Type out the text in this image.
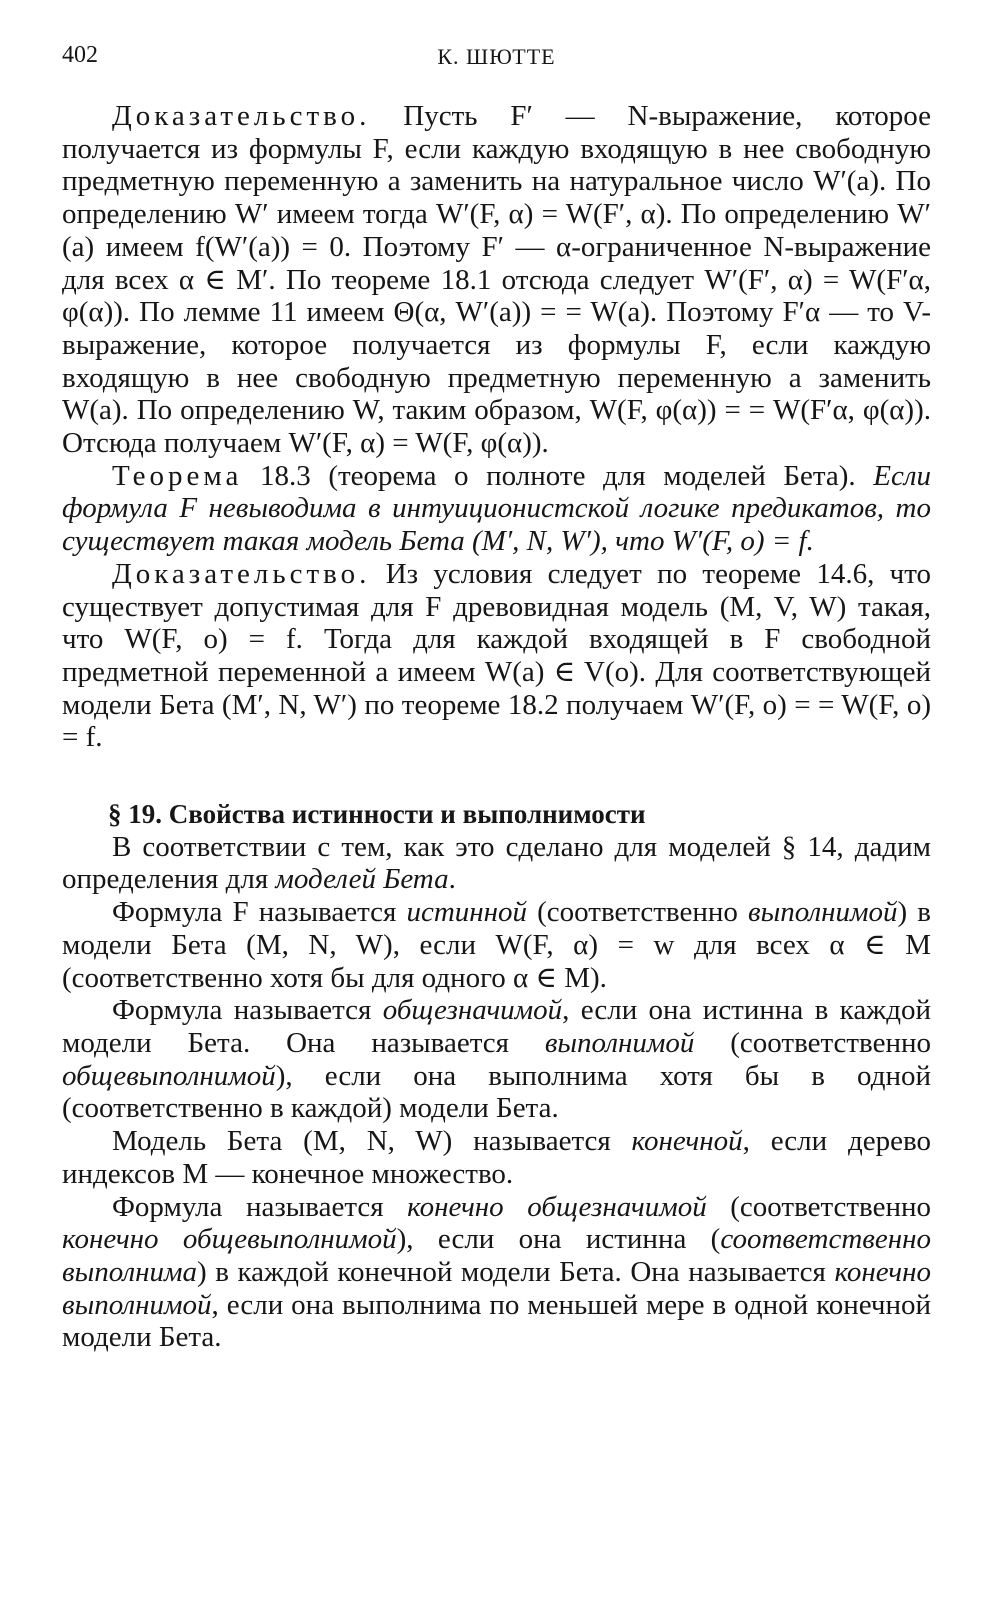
402	К. ШЮТТЕ

Доказательство. Пусть F′ — N-выражение, которое получается из формулы F, если каждую входящую в нее свободную предметную переменную a заменить на натуральное число W′(a). По определению W′ имеем тогда W′(F, α) = W(F′, α). По определению W′(a) имеем f(W′(a)) = 0. Поэтому F′ — α-ограниченное N-выражение для всех α ∈ M′. По теореме 18.1 отсюда следует W′(F′, α) = W(F′α, φ(α)). По лемме 11 имеем Θ(α, W′(a)) = = W(a). Поэтому F′α — то V-выражение, которое получается из формулы F, если каждую входящую в нее свободную предметную переменную a заменить W(a). По определению W, таким образом, W(F, φ(α)) = = W(F′α, φ(α)). Отсюда получаем W′(F, α) = W(F, φ(α)).

Теорема 18.3 (теорема о полноте для моделей Бета). Если формула F невыводима в интуиционистской логике предикатов, то существует такая модель Бета (M′, N, W′), что W′(F, o) = f.

Доказательство. Из условия следует по теореме 14.6, что существует допустимая для F древовидная модель (M, V, W) такая, что W(F, o) = f. Тогда для каждой входящей в F свободной предметной переменной a имеем W(a) ∈ V(o). Для соответствующей модели Бета (M′, N, W′) по теореме 18.2 получаем W′(F, o) = = W(F, o) = f.

§ 19. Свойства истинности и выполнимости

В соответствии с тем, как это сделано для моделей § 14, дадим определения для моделей Бета.

Формула F называется истинной (соответственно выполнимой) в модели Бета (M, N, W), если W(F, α) = w для всех α ∈ M (соответственно хотя бы для одного α ∈ M).

Формула называется общезначимой, если она истинна в каждой модели Бета. Она называется выполнимой (соответственно общевыполнимой), если она выполнима хотя бы в одной (соответственно в каждой) модели Бета.

Модель Бета (M, N, W) называется конечной, если дерево индексов M — конечное множество.

Формула называется конечно общезначимой (соответственно конечно общевыполнимой), если она истинна (соответственно выполнима) в каждой конечной модели Бета. Она называется конечно выполнимой, если она выполнима по меньшей мере в одной конечной модели Бета.
